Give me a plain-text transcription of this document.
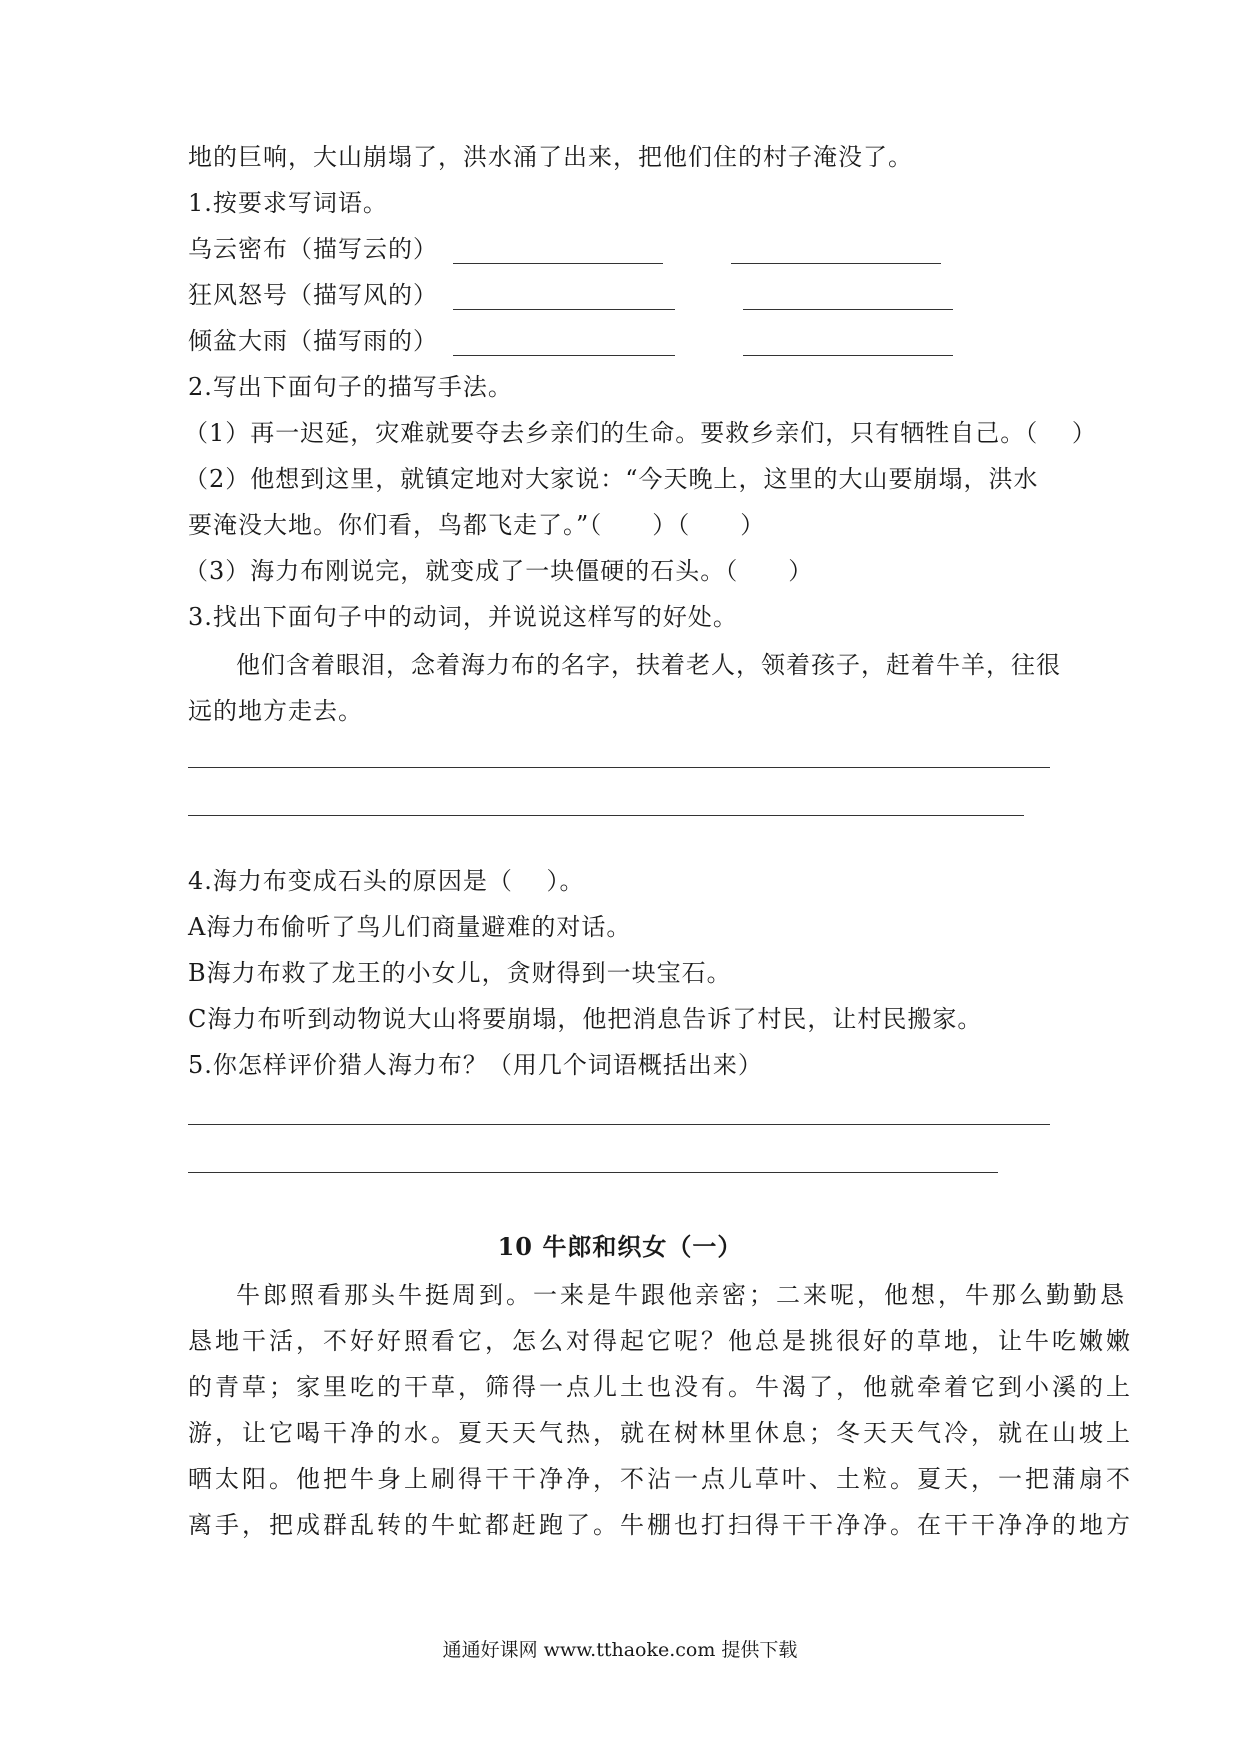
地的巨响，大山崩塌了，洪水涌了出来，把他们住的村子淹没了。
1.按要求写词语。
乌云密布（描写云的）
狂风怒号（描写风的）
倾盆大雨（描写雨的）
2.写出下面句子的描写手法。
（1）再一迟延，灾难就要夺去乡亲们的生命。要救乡亲们，只有牺牲自己。（　 ）
（2）他想到这里，就镇定地对大家说：“今天晚上，这里的大山要崩塌，洪水
要淹没大地。你们看，鸟都飞走了。”（　　）（　　）
（3）海力布刚说完，就变成了一块僵硬的石头。（　　）
3.找出下面句子中的动词，并说说这样写的好处。
他们含着眼泪，念着海力布的名字，扶着老人，领着孩子，赶着牛羊，往很
远的地方走去。
4.海力布变成石头的原因是（　 ）。
A海力布偷听了鸟儿们商量避难的对话。
B海力布救了龙王的小女儿，贪财得到一块宝石。
C海力布听到动物说大山将要崩塌，他把消息告诉了村民，让村民搬家。
5.你怎样评价猎人海力布？（用几个词语概括出来）
10 牛郎和织女（一）
牛郎照看那头牛挺周到。一来是牛跟他亲密；二来呢，他想，牛那么勤勤恳
恳地干活，不好好照看它，怎么对得起它呢？他总是挑很好的草地，让牛吃嫩嫩
的青草；家里吃的干草，筛得一点儿土也没有。牛渴了，他就牵着它到小溪的上
游，让它喝干净的水。夏天天气热，就在树林里休息；冬天天气冷，就在山坡上
晒太阳。他把牛身上刷得干干净净，不沾一点儿草叶、土粒。夏天，一把蒲扇不
离手，把成群乱转的牛虻都赶跑了。牛棚也打扫得干干净净。在干干净净的地方
通通好课网 www.tthaoke.com 提供下载
